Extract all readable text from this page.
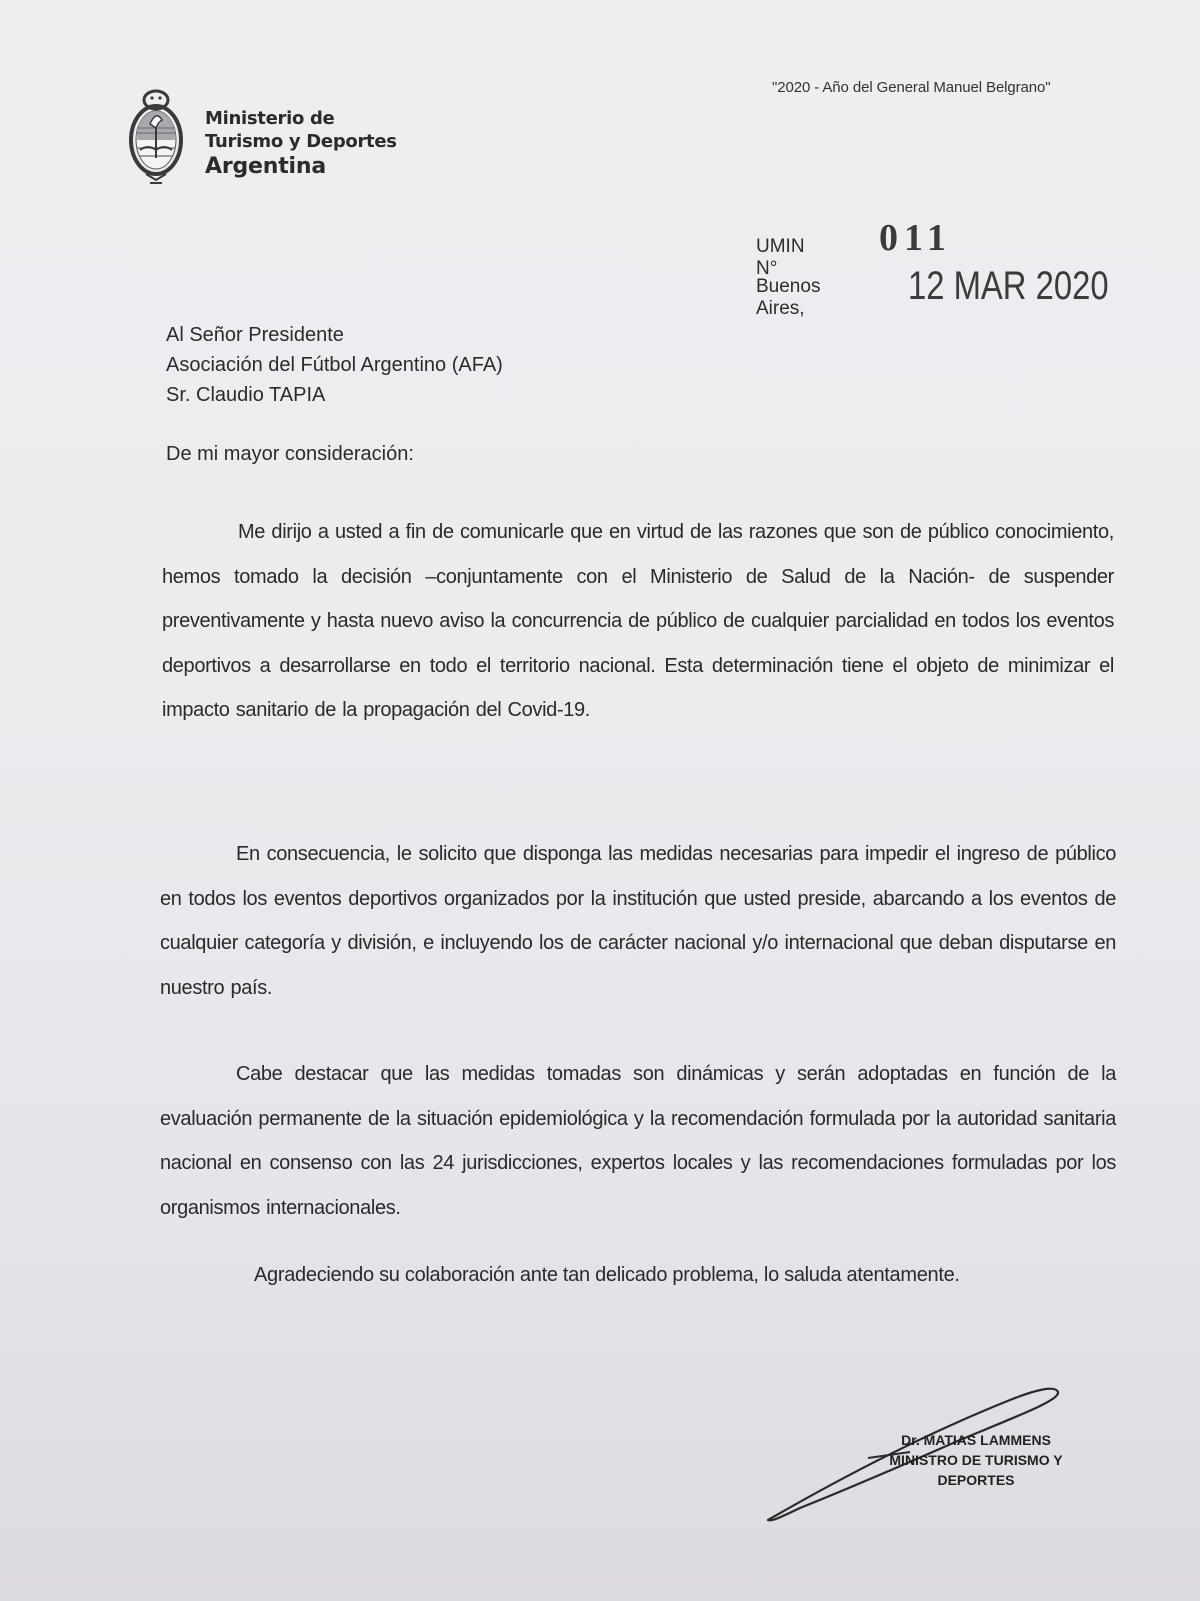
Ministerio de
Turismo y Deportes
Argentina
"2020 - Año del General Manuel Belgrano"
UMIN N°
011
Buenos Aires,
12 MAR 2020
Al Señor Presidente
Asociación del Fútbol Argentino (AFA)
Sr. Claudio TAPIA
De mi mayor consideración:

Me dirijo a usted a fin de comunicarle que en virtud de las razones que son de público conocimiento, hemos tomado la decisión –conjuntamente con el Ministerio de Salud de la Nación- de suspender preventivamente y hasta nuevo aviso la concurrencia de público de cualquier parcialidad en todos los eventos deportivos a desarrollarse en todo el territorio nacional. Esta determinación tiene el objeto de minimizar el impacto sanitario de la propagación del Covid-19.

En consecuencia, le solicito que disponga las medidas necesarias para impedir el ingreso de público en todos los eventos deportivos organizados por la institución que usted preside, abarcando a los eventos de cualquier categoría y división, e incluyendo los de carácter nacional y/o internacional que deban disputarse en nuestro país.

Cabe destacar que las medidas tomadas son dinámicas y serán adoptadas en función de la evaluación permanente de la situación epidemiológica y la recomendación formulada por la autoridad sanitaria nacional en consenso con las 24 jurisdicciones, expertos locales y las recomendaciones formuladas por los organismos internacionales.

Agradeciendo su colaboración ante tan delicado problema, lo saluda atentamente.
Dr. MATIAS LAMMENS
MINISTRO DE TURISMO Y
DEPORTES
